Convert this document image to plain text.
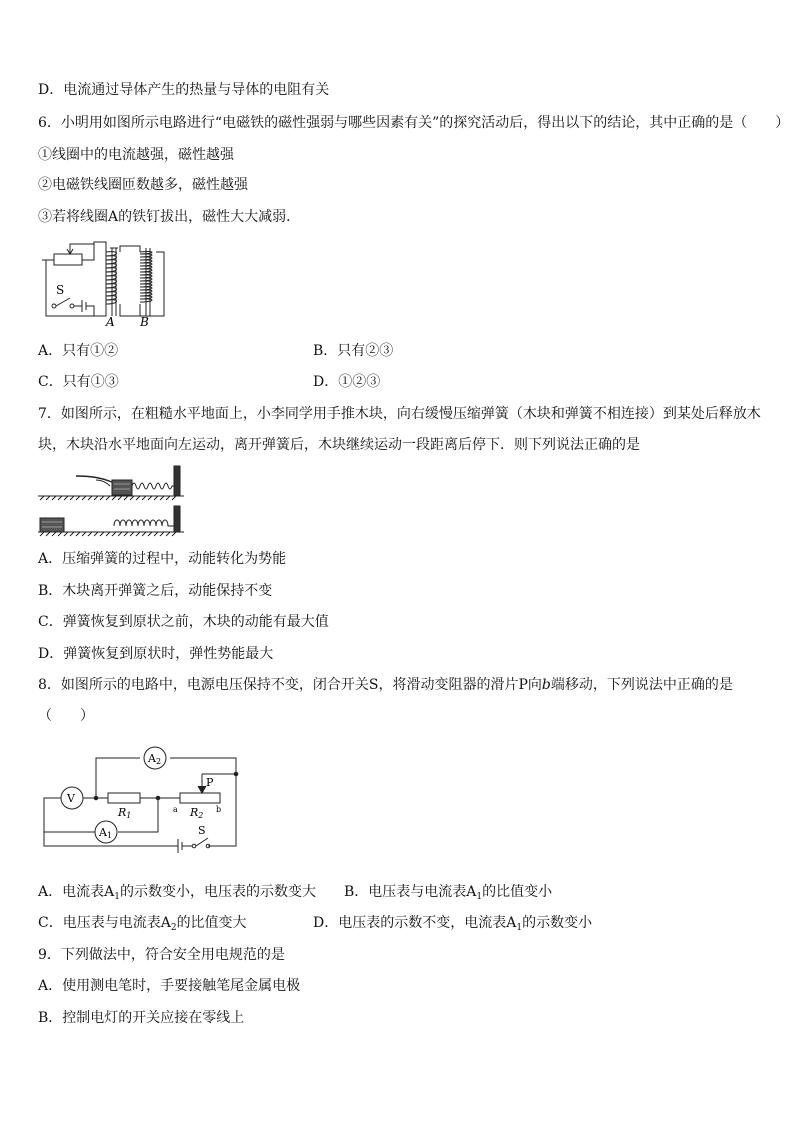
D．电流通过导体产生的热量与导体的电阻有关
6．小明用如图所示电路进行“电磁铁的磁性强弱与哪些因素有关”的探究活动后，得出以下的结论，其中正确的是（　　）
①线圈中的电流越强，磁性越强
②电磁铁线圈匝数越多，磁性越强
③若将线圈A的铁钉拔出，磁性大大减弱．
S
A B
A．只有①②	B．只有②③
C．只有①③	D．①②③
7．如图所示，在粗糙水平地面上，小李同学用手推木块，向右缓慢压缩弹簧（木块和弹簧不相连接）到某处后释放木
块，木块沿水平地面向左运动，离开弹簧后，木块继续运动一段距离后停下．则下列说法正确的是
A．压缩弹簧的过程中，动能转化为势能
B．木块离开弹簧之后，动能保持不变
C．弹簧恢复到原状之前，木块的动能有最大值
D．弹簧恢复到原状时，弹性势能最大
8．如图所示的电路中，电源电压保持不变，闭合开关S，将滑动变阻器的滑片P向b端移动，下列说法中正确的是
（　　）
A2
V
R1
A1
P
a R2
b
S
A．电流表$A_1$的示数变小，电压表的示数变大 B．电压表与电流表$A_1$的比值变小
C．电压表与电流表$A_2$的比值变大	D．电压表的示数不变，电流表$A_1$的示数变小
9．下列做法中，符合安全用电规范的是
A．使用测电笔时，手要接触笔尾金属电极
B．控制电灯的开关应接在零线上
